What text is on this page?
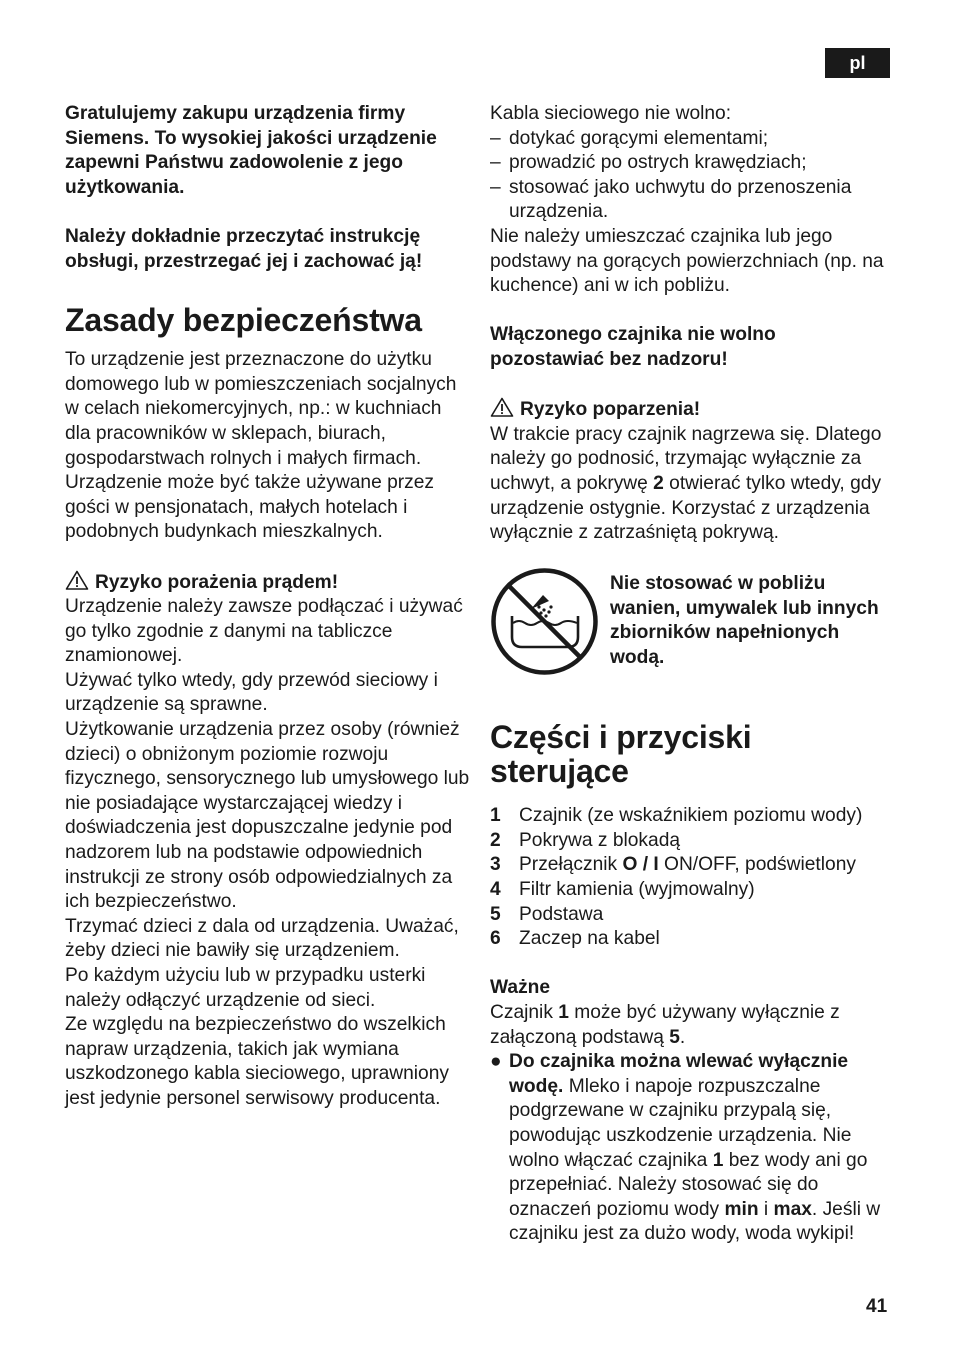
pl

Gratulujemy zakupu urządzenia firmy Siemens. To wysokiej jakości urządzenie zapewni Państwu zadowolenie z jego użytkowania.

Należy dokładnie przeczytać instrukcję obsługi, przestrzegać jej i zachować ją!

Zasady bezpieczeństwa

To urządzenie jest przeznaczone do użytku domowego lub w pomieszczeniach socjalnych w celach niekomercyjnych, np.: w kuchniach dla pracowników w sklepach, biurach, gospodarstwach rolnych i małych firmach. Urządzenie może być także używane przez gości w pensjonatach, małych hotelach i podobnych budynkach mieszkalnych.

Ryzyko porażenia prądem!

Urządzenie należy zawsze podłączać i używać go tylko zgodnie z danymi na tabliczce znamionowej.

Używać tylko wtedy, gdy przewód sieciowy i urządzenie są sprawne.

Użytkowanie urządzenia przez osoby (również dzieci) o obniżonym poziomie rozwoju fizycznego, sensorycznego lub umysłowego lub nie posiadające wystarczającej wiedzy i doświadczenia jest dopuszczalne jedynie pod nadzorem lub na podstawie odpowiednich instrukcji ze strony osób odpowiedzialnych za ich bezpieczeństwo.

Trzymać dzieci z dala od urządzenia. Uważać, żeby dzieci nie bawiły się urządzeniem.

Po każdym użyciu lub w przypadku usterki należy odłączyć urządzenie od sieci.

Ze względu na bezpieczeństwo do wszelkich napraw urządzenia, takich jak wymiana uszkodzonego kabla sieciowego, uprawniony jest jedynie personel serwisowy producenta.

Kabla sieciowego nie wolno:

– dotykać gorącymi elementami;
– prowadzić po ostrych krawędziach;
– stosować jako uchwytu do przenoszenia urządzenia.

Nie należy umieszczać czajnika lub jego podstawy na gorących powierzchniach (np. na kuchence) ani w ich pobliżu.

Włączonego czajnika nie wolno pozostawiać bez nadzoru!

Ryzyko poparzenia!

W trakcie pracy czajnik nagrzewa się. Dlatego należy go podnosić, trzymając wyłącznie za uchwyt, a pokrywę 2 otwierać tylko wtedy, gdy urządzenie ostygnie. Korzystać z urządzenia wyłącznie z zatrzaśniętą pokrywą.

Nie stosować w pobliżu wanien, umywalek lub innych zbiorników napełnionych wodą.

Części i przyciski sterujące
1 Czajnik (ze wskaźnikiem poziomu wody)
2 Pokrywa z blokadą
3 Przełącznik O / I ON/OFF, podświetlony
4 Filtr kamienia (wyjmowalny)
5 Podstawa
6 Zaczep na kabel

Ważne

Czajnik 1 może być używany wyłącznie z załączoną podstawą 5.

● Do czajnika można wlewać wyłącznie wodę. Mleko i napoje rozpuszczalne podgrzewane w czajniku przypalą się, powodując uszkodzenie urządzenia. Nie wolno włączać czajnika 1 bez wody ani go przepełniać. Należy stosować się do oznaczeń poziomu wody min i max. Jeśli w czajniku jest za dużo wody, woda wykipi!
41
